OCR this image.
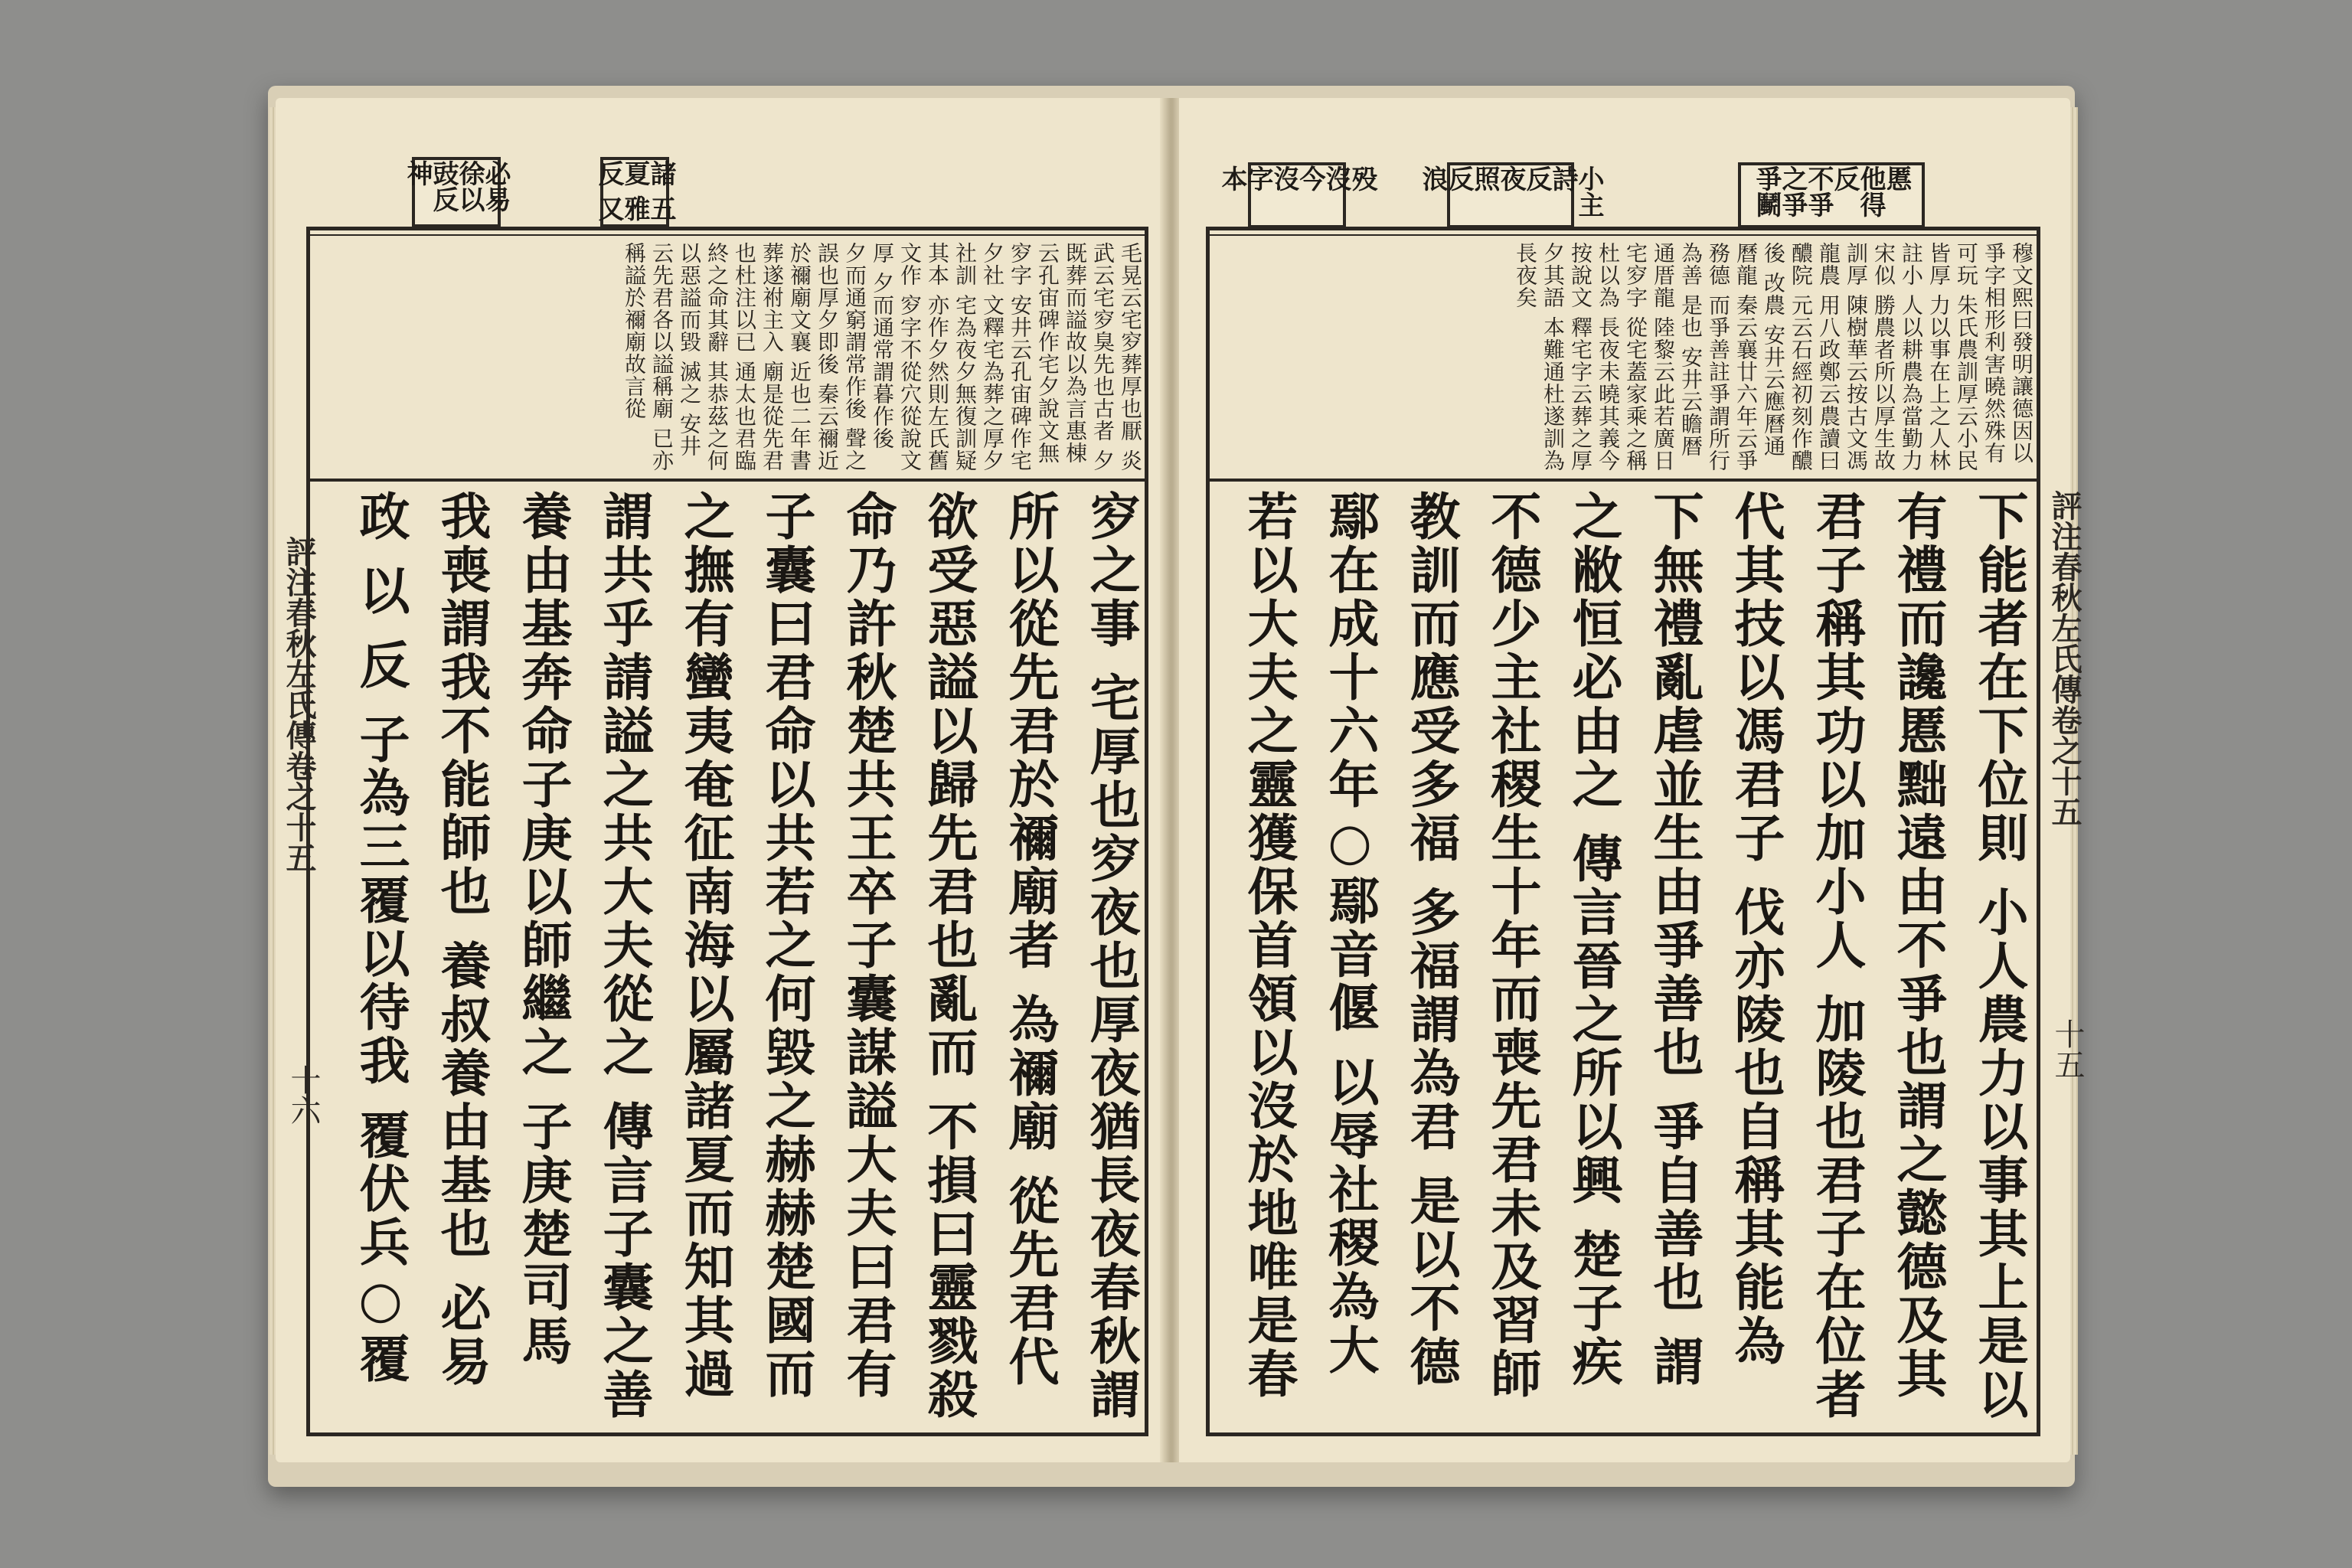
必易 徐以 豉反 神	諸 五 夏 雅 反 又
毛晃云宅穸葬厚也厭 炎武云宅穸臭先也古者 夕 既葬而謚故以為言惠棟 云孔宙碑作宅夕說文無 穸字 安井云孔宙碑作宅夕社 文釋宅為葬之厚夕社訓 宅為夜夕無復訓疑其本 亦作夕然則左氏舊文作 穸字不從穴從說文厚 夕而通常謂暮作後 夕而通窮謂常作後 聲之誤也厚夕即後 秦云禰近於禰廟文襄 近也二年書葬遂祔主入 廟是從先君也杜注以已 通太也君臨終之命其辭 其恭茲之何以惡謚而毀 滅之 安井云先君各以謚稱廟 已亦稱謚於禰廟故言從
穸之事 宅厚也穸夜也厚夜猶長夜春秋謂
所以從先君於禰廟者 為禰廟 從先君代
欲受惡謚以歸先君也亂而 不損曰靈戮殺
命乃許秋楚共王卒子囊謀謚大夫曰君有
子囊曰君命以共若之何毀之赫赫楚國而
之撫有蠻夷奄征南海以屬諸夏而知其過
謂共乎請謚之共大夫從之 傳言子囊之善
養由基奔命子庚以師繼之 子庚楚司馬
我喪謂我不能師也 養叔養由基也 必易
政 以 反 子為三覆以待我 覆伏兵○覆
評注春秋左氏傳卷之十五
十六
慝 他得 反 不爭 之爭 爭鬭
小主 詩 反 夜 照 反 浪
殁 沒 今 沒 字 本
穆文熙曰發明讓德因以 爭字相形利害曉然殊有 可玩 朱氏農訓厚云小民皆厚 力以事在上之人林註小 人以耕農為當勤力宋似 勝農者所以厚生故訓厚 陳樹華云按古文馮龍農 用八政鄭云農讀曰醲院 元云石經初刻作醲後 改農 安井云應曆通曆龍 秦云襄廿六年云爭務德 而爭善註爭謂所行為善 是也 安井云瞻暦通厝龍 陸黎云此若廣日宅穸字 從宅蓋家乘之稱杜以為 長夜未曉其義今按說文 釋宅字云葬之厚夕其語 本難通杜遂訓為長夜矣
下能者在下位則 小人農力以事其上是以
有禮而讒慝黜遠由不爭也謂之懿德及其
君子稱其功以加小人 加陵也君子在位者
代其技以馮君子 伐亦陵也自稱其能為
下無禮亂虐並生由爭善也 爭自善也 謂
之敝恒必由之 傳言晉之所以興 楚子疾
不德少主社稷生十年而喪先君未及習師
教訓而應受多福 多福謂為君 是以不德
鄢在成十六年○鄢音偃 以辱社稷為大
若以大夫之靈獲保首領以沒於地唯是春
評注春秋左氏傳卷之十五
十五
